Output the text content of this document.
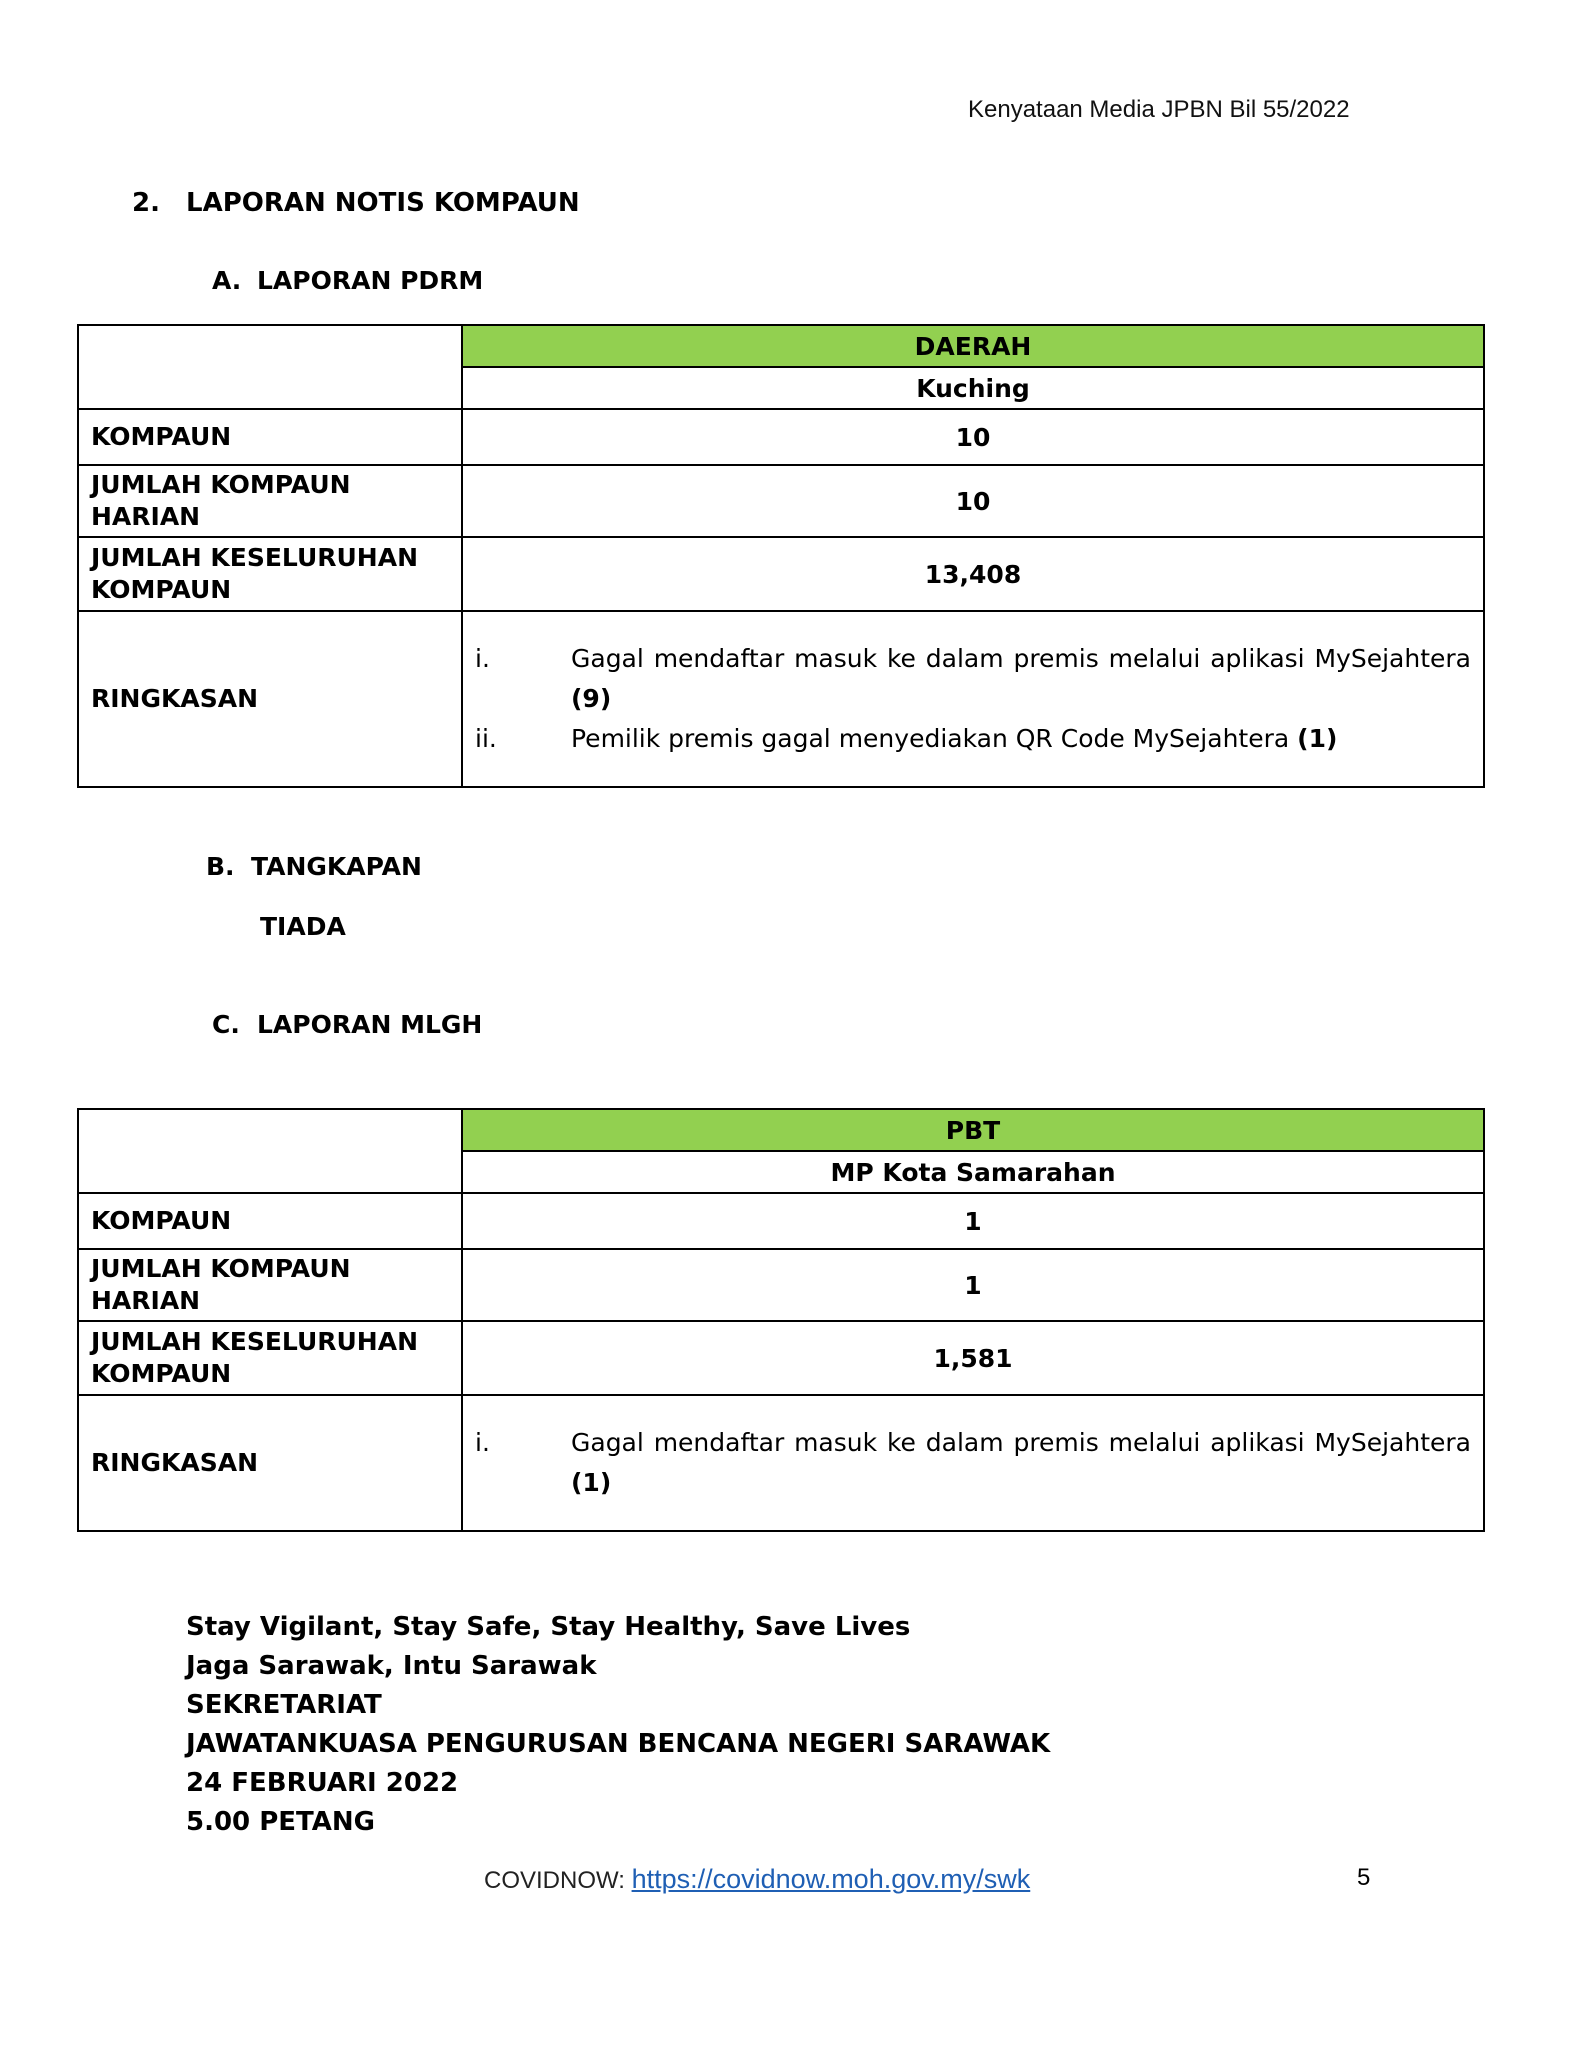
Kenyataan Media JPBN Bil 55/2022
2. LAPORAN NOTIS KOMPAUN
A. LAPORAN PDRM
	DAERAH
	Kuching
KOMPAUN	10
JUMLAH KOMPAUN
HARIAN	10
JUMLAH KESELURUHAN
KOMPAUN	13,408
RINGKASAN	i. Gagal mendaftar masuk ke dalam premis melalui aplikasi MySejahtera (9)
ii. Pemilik premis gagal menyediakan QR Code MySejahtera (1)
B. TANGKAPAN
TIADA
C. LAPORAN MLGH
	PBT
	MP Kota Samarahan
KOMPAUN	1
JUMLAH KOMPAUN
HARIAN	1
JUMLAH KESELURUHAN
KOMPAUN	1,581
RINGKASAN	i. Gagal mendaftar masuk ke dalam premis melalui aplikasi MySejahtera (1)
Stay Vigilant, Stay Safe, Stay Healthy, Save Lives
Jaga Sarawak, Intu Sarawak
SEKRETARIAT
JAWATANKUASA PENGURUSAN BENCANA NEGERI SARAWAK
24 FEBRUARI 2022
5.00 PETANG
COVIDNOW: https://covidnow.moh.gov.my/swk	5
